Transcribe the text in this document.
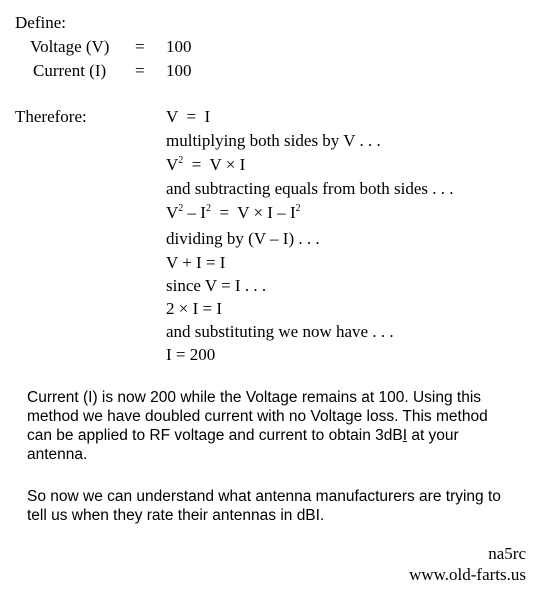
Define:
Voltage (V) = 100
Current (I) = 100
Therefore:	V  =  I
multiplying both sides by V . . .
$V^2 = V \times I$
and subtracting equals from both sides . . .
$V^2 - I^2 = V \times I - I^2$
dividing by (V – I) . . .
V + I = I
since V = I . . .
2 × I = I
and substituting we now have . . .
I = 200
Current (I) is now 200 while the Voltage remains at 100. Using this
method we have doubled current with no Voltage loss. This method
can be applied to RF voltage and current to obtain 3dBI at your
antenna.
So now we can understand what antenna manufacturers are trying to
tell us when they rate their antennas in dBI.
na5rc
www.old-farts.us
